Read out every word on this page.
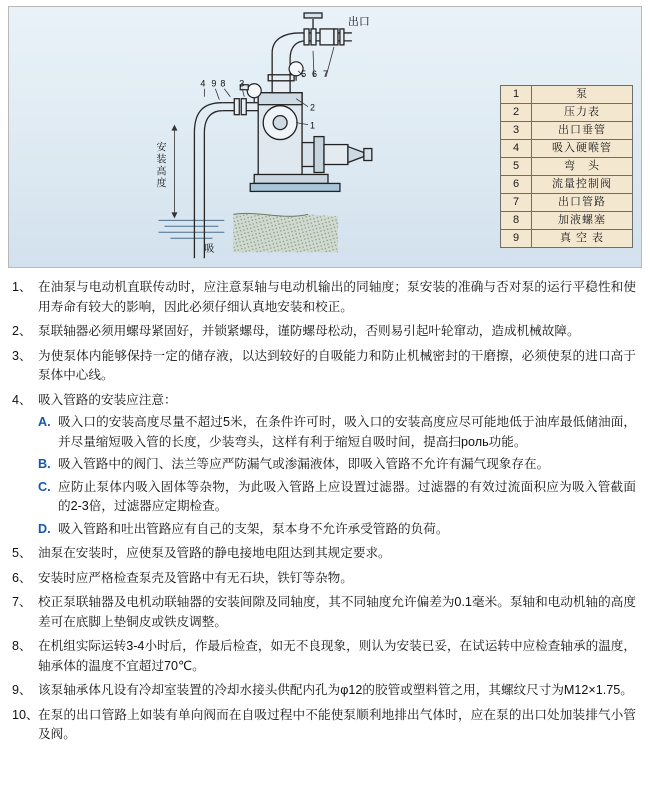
4 9 8 3
5 6 7
2
1
出口
安
装
高
度
吸
1	泵
2	压力表
3	出口垂管
4	吸入硬喉管
5	弯　头
6	流量控制阀
7	出口管路
8	加液螺塞
9	真 空 表
1、 在油泵与电动机直联传动时，应注意泵轴与电动机输出的同轴度；泵安装的准确与否对泵的运行平稳性和使用寿命有较大的影响，因此必须仔细认真地安装和校正。

2、 泵联轴器必须用螺母紧固好，并锁紧螺母，谨防螺母松动，否则易引起叶轮窜动，造成机械故障。

3、 为使泵体内能够保持一定的储存液，以达到较好的自吸能力和防止机械密封的干磨擦，必须使泵的进口高于泵体中心线。

4、 吸入管路的安装应注意：

A. 吸入口的安装高度尽量不超过5米，在条件许可时，吸入口的安装高度应尽可能地低于油库最低储油面，并尽量缩短吸入管的长度，少装弯头，这样有利于缩短自吸时间，提高扫роль功能。
B. 吸入管路中的阀门、法兰等应严防漏气或渗漏液体，即吸入管路不允许有漏气现象存在。
C. 应防止泵体内吸入固体等杂物，为此吸入管路上应设置过滤器。过滤器的有效过流面积应为吸入管截面的2-3倍，过滤器应定期检查。
D. 吸入管路和吐出管路应有自己的支架，泵本身不允许承受管路的负荷。
5、 油泵在安装时，应使泵及管路的静电接地电阻达到其规定要求。

6、 安装时应严格检查泵壳及管路中有无石块，铁钉等杂物。

7、 校正泵联轴器及电机动联轴器的安装间隙及同轴度，其不同轴度允许偏差为0.1毫米。泵轴和电动机轴的高度差可在底脚上垫铜皮或铁皮调整。

8、 在机组实际运转3-4小时后，作最后检查，如无不良现象，则认为安装已妥，在试运转中应检查轴承的温度，轴承体的温度不宜超过70℃。

9、 该泵轴承体凡设有冷却室装置的冷却水接头供配内孔为φ12的胶管或塑料管之用，其螺纹尺寸为M12×1.75。

10、 在泵的出口管路上如装有单向阀而在自吸过程中不能使泵顺利地排出气体时，应在泵的出口处加装排气小管及阀。
